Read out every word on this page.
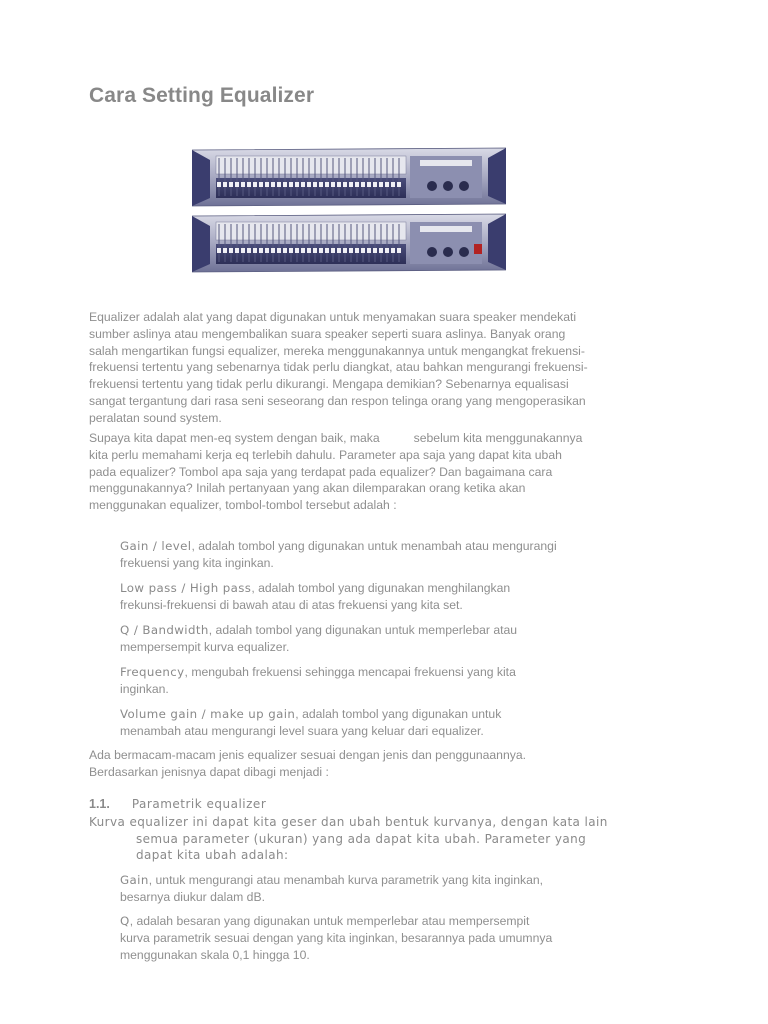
Cara Setting Equalizer

Equalizer adalah alat yang dapat digunakan untuk menyamakan suara speaker mendekati
sumber aslinya atau mengembalikan suara speaker seperti suara aslinya. Banyak orang
salah mengartikan fungsi equalizer, mereka menggunakannya untuk mengangkat frekuensi-
frekuensi tertentu yang sebenarnya tidak perlu diangkat, atau bahkan mengurangi frekuensi-
frekuensi tertentu yang tidak perlu dikurangi. Mengapa demikian? Sebenarnya equalisasi
sangat tergantung dari rasa seni seseorang dan respon telinga orang yang mengoperasikan
peralatan sound system.

Supaya kita dapat men-eq system dengan baik, maka	sebelum kita menggunakannya
kita perlu memahami kerja eq terlebih dahulu. Parameter apa saja yang dapat kita ubah
pada equalizer? Tombol apa saja yang terdapat pada equalizer? Dan bagaimana cara
menggunakannya? Inilah pertanyaan yang akan dilemparakan orang ketika akan
menggunakan equalizer, tombol-tombol tersebut adalah :

Gain / level, adalah tombol yang digunakan untuk menambah atau mengurangi
frekuensi yang kita inginkan.

Low pass / High pass, adalah tombol yang digunakan menghilangkan
frekunsi-frekuensi di bawah atau di atas frekuensi yang kita set.

Q / Bandwidth, adalah tombol yang digunakan untuk memperlebar atau
mempersempit kurva equalizer.

Frequency, mengubah frekuensi sehingga mencapai frekuensi yang kita
inginkan.

Volume gain / make up gain, adalah tombol yang digunakan untuk
menambah atau mengurangi level suara yang keluar dari equalizer.

Ada bermacam-macam jenis equalizer sesuai dengan jenis dan penggunaannya.
Berdasarkan jenisnya dapat dibagi menjadi :

1.1. Parametrik equalizer

Kurva equalizer ini dapat kita geser dan ubah bentuk kurvanya, dengan kata lain
semua parameter (ukuran) yang ada dapat kita ubah. Parameter yang
dapat kita ubah adalah:

Gain, untuk mengurangi atau menambah kurva parametrik yang kita inginkan,
besarnya diukur dalam dB.

Q, adalah besaran yang digunakan untuk memperlebar atau mempersempit
kurva parametrik sesuai dengan yang kita inginkan, besarannya pada umumnya
menggunakan skala 0,1 hingga 10.
